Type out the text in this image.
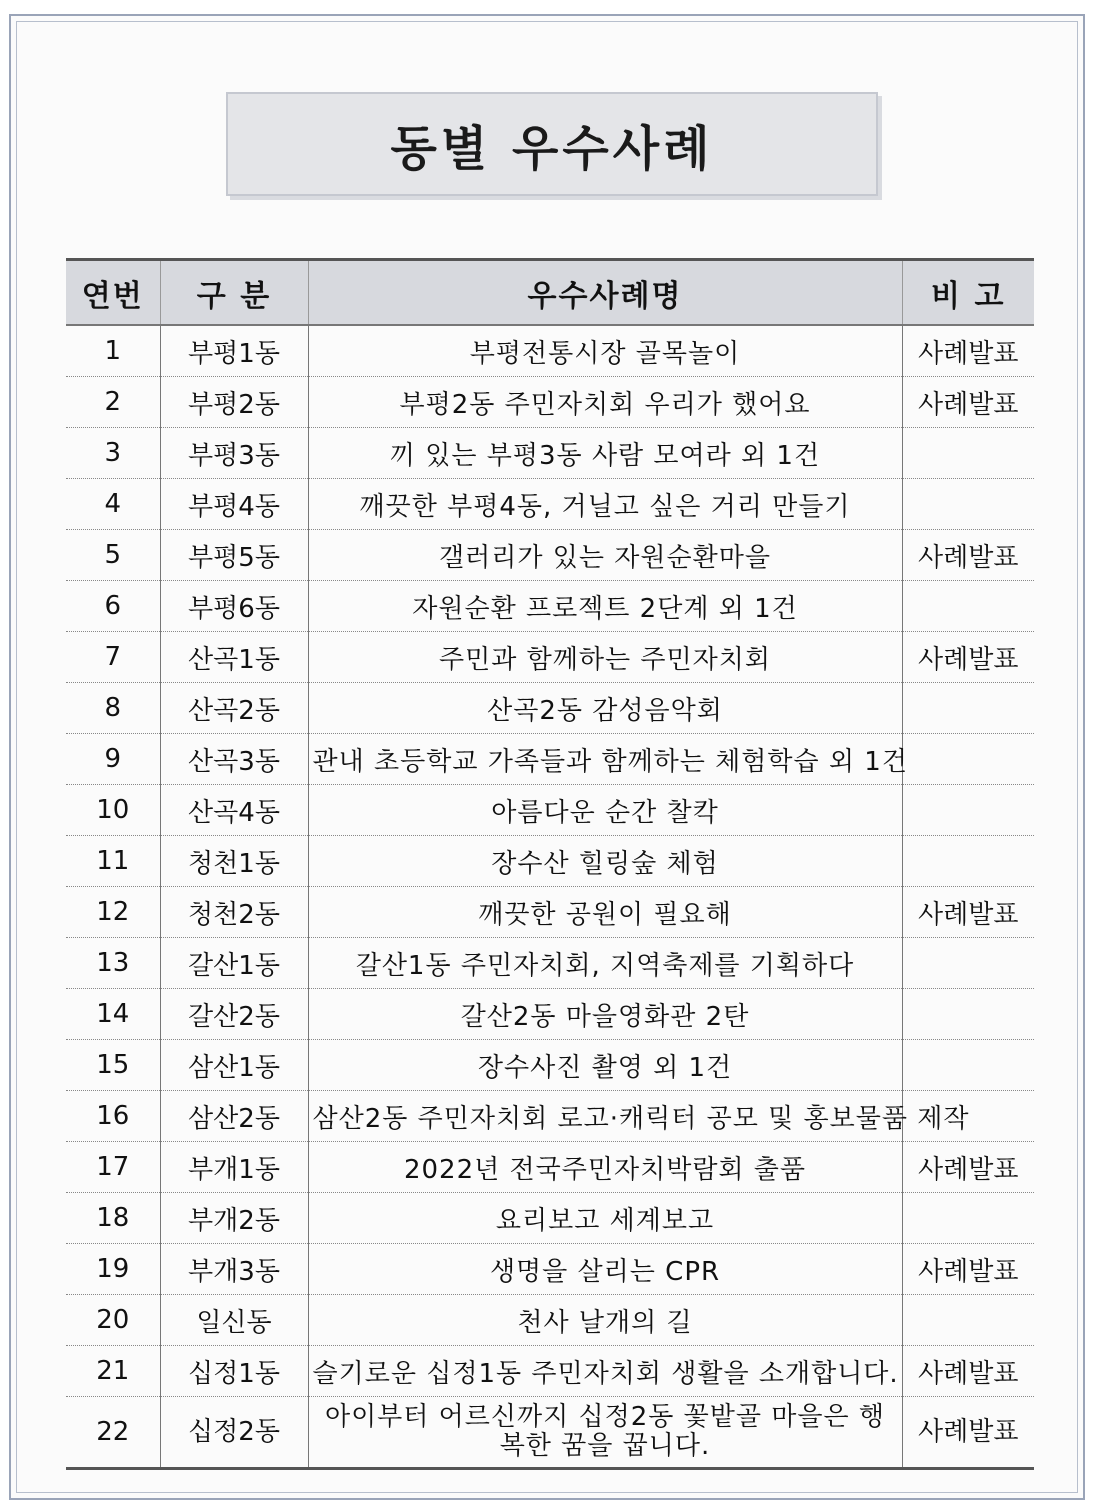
동별 우수사례
연번	구 분	우수사례명	비 고
1	부평1동	부평전통시장 골목놀이	사례발표
2	부평2동	부평2동 주민자치회 우리가 했어요	사례발표
3	부평3동	끼 있는 부평3동 사람 모여라 외 1건	
4	부평4동	깨끗한 부평4동, 거닐고 싶은 거리 만들기	
5	부평5동	갤러리가 있는 자원순환마을	사례발표
6	부평6동	자원순환 프로젝트 2단계 외 1건	
7	산곡1동	주민과 함께하는 주민자치회	사례발표
8	산곡2동	산곡2동 감성음악회	
9	산곡3동	관내 초등학교 가족들과 함께하는 체험학습 외 1건	
10	산곡4동	아름다운 순간 찰칵	
11	청천1동	장수산 힐링숲 체험	
12	청천2동	깨끗한 공원이 필요해	사례발표
13	갈산1동	갈산1동 주민자치회, 지역축제를 기획하다	
14	갈산2동	갈산2동 마을영화관 2탄	
15	삼산1동	장수사진 촬영 외 1건	
16	삼산2동	삼산2동 주민자치회 로고·캐릭터 공모 및 홍보물품 제작	
17	부개1동	2022년 전국주민자치박람회 출품	사례발표
18	부개2동	요리보고 세계보고	
19	부개3동	생명을 살리는 CPR	사례발표
20	일신동	천사 날개의 길	
21	십정1동	슬기로운 십정1동 주민자치회 생활을 소개합니다.	사례발표
22	십정2동	아이부터 어르신까지 십정2동 꽃밭골 마을은 행복한 꿈을 꿉니다.	사례발표
